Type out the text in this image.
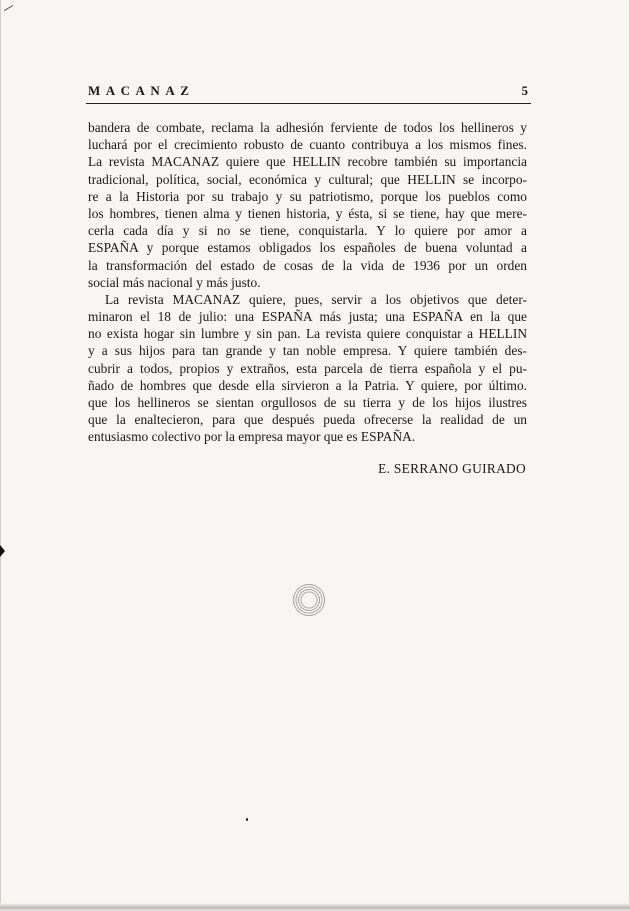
MACANAZ	5
bandera de combate, reclama la adhesión ferviente de todos los hellineros y
luchará por el crecimiento robusto de cuanto contribuya a los mismos fines.
La revista MACANAZ quiere que HELLIN recobre también su importancia
tradicional, política, social, económica y cultural; que HELLIN se incorpo-
re a la Historia por su trabajo y su patriotismo, porque los pueblos como
los hombres, tienen alma y tienen historia, y ésta, si se tiene, hay que mere-
cerla cada día y si no se tiene, conquistarla. Y lo quiere por amor a
ESPAÑA y porque estamos obligados los españoles de buena voluntad a
la transformación del estado de cosas de la vida de 1936 por un orden
social más nacional y más justo.
La revista MACANAZ quiere, pues, servir a los objetivos que deter-
minaron el 18 de julio: una ESPAÑA más justa; una ESPAÑA en la que
no exista hogar sin lumbre y sin pan. La revista quiere conquistar a HELLIN
y a sus hijos para tan grande y tan noble empresa. Y quiere también des-
cubrir a todos, propios y extraños, esta parcela de tierra española y el pu-
ñado de hombres que desde ella sirvieron a la Patria. Y quiere, por último.
que los hellineros se sientan orgullosos de su tierra y de los hijos ilustres
que la enaltecieron, para que después pueda ofrecerse la realidad de un
entusiasmo colectivo por la empresa mayor que es ESPAÑA.
E. SERRANO GUIRADO
